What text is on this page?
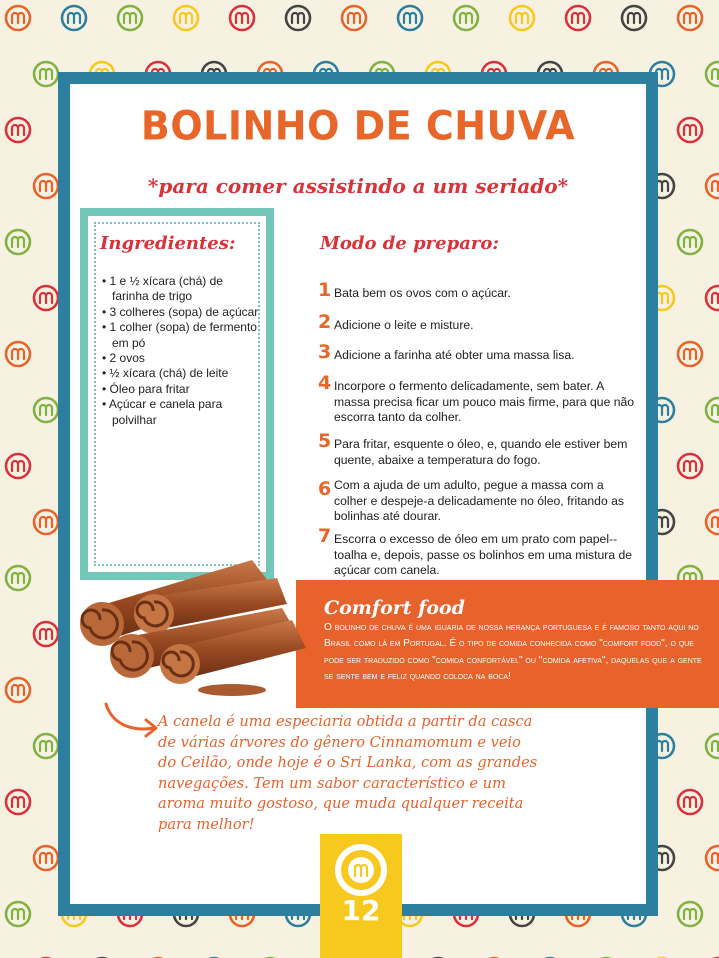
BOLINHO DE CHUVA
*para comer assistindo a um seriado*
Ingredientes:
• 1 e ½ xícara (chá) de farinha de trigo
• 3 colheres (sopa) de açúcar
• 1 colher (sopa) de fermento em pó
• 2 ovos
• ½ xícara (chá) de leite
• Óleo para fritar
• Açúcar e canela para polvilhar
Modo de preparo:
1 Bata bem os ovos com o açúcar.
2 Adicione o leite e misture.
3 Adicione a farinha até obter uma massa lisa.
4 Incorpore o fermento delicadamente, sem bater. A massa precisa ficar um pouco mais firme, para que não escorra tanto da colher.
5 Para fritar, esquente o óleo, e, quando ele estiver bem quente, abaixe a temperatura do fogo.
6 Com a ajuda de um adulto, pegue a massa com a colher e despeje-a delicadamente no óleo, fritando as bolinhas até dourar.
7 Escorra o excesso de óleo em um prato com papel--toalha e, depois, passe os bolinhos em uma mistura de açúcar com canela.
Comfort food
O bolinho de chuva é uma iguaria de nossa herança portuguesa e é famoso tanto aqui no Brasil como lá em Portugal. É o tipo de comida conhecida como "comfort food", o que pode ser traduzido como "comida confortável" ou "comida afetiva", daquelas que a gente se sente bem e feliz quando coloca na boca!
A canela é uma especiaria obtida a partir da casca de várias árvores do gênero Cinnamomum e veio do Ceilão, onde hoje é o Sri Lanka, com as grandes navegações. Tem um sabor característico e um aroma muito gostoso, que muda qualquer receita para melhor!
12
